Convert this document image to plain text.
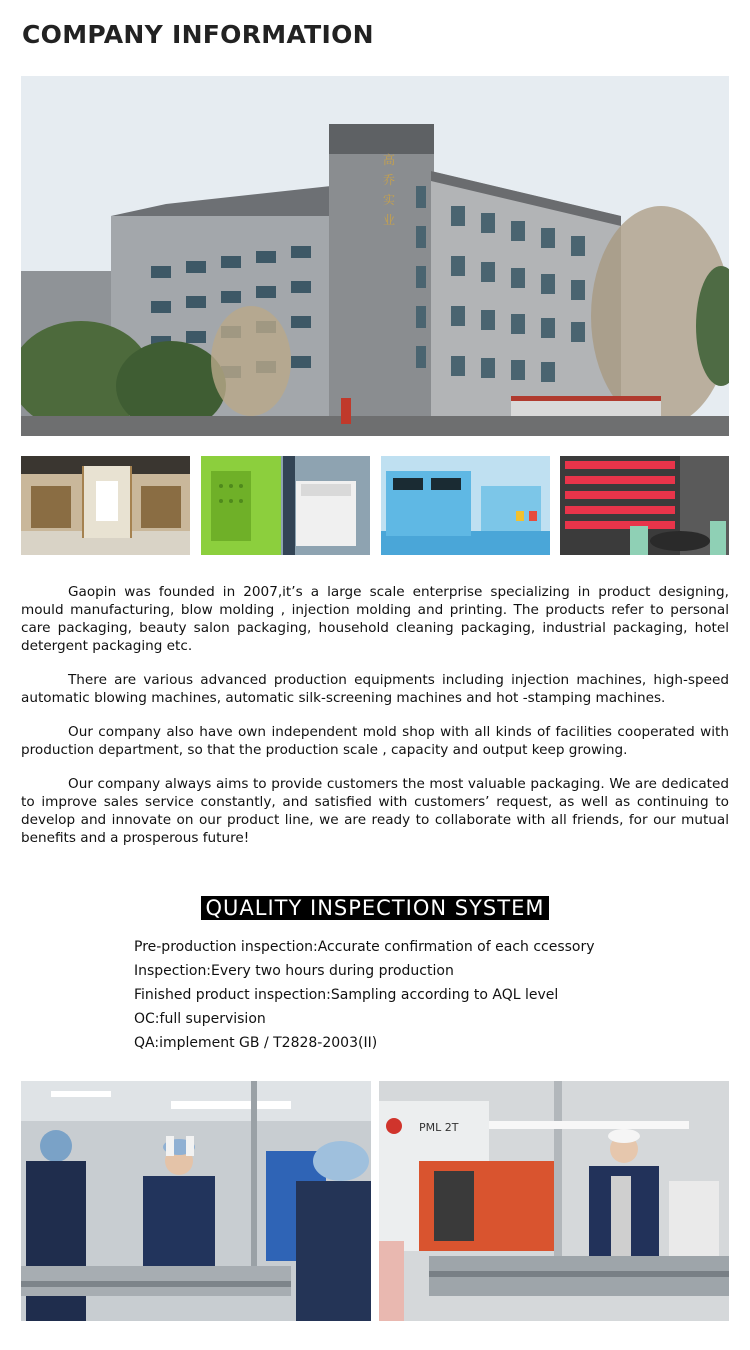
COMPANY INFORMATION
高
乔
实
业

Gaopin was founded in 2007,it’s a large scale enterprise specializing in product designing, mould manufacturing, blow molding , injection molding and printing. The products refer to personal care packaging, beauty salon packaging, household cleaning packaging, industrial packaging, hotel detergent packaging etc.

There are various advanced production equipments including injection machines, high-speed automatic blowing machines, automatic silk-screening machines and hot -stamping machines.

Our company also have own independent mold shop with all kinds of facilities cooperated with production department, so that the production scale , capacity and output keep growing.

Our company always aims to provide customers the most valuable packaging. We are dedicated to improve sales service constantly, and satisfied with customers’ request, as well as continuing to develop and innovate on our product line, we are ready to collaborate with all friends, for our mutual benefits and a prosperous future!

QUALITY INSPECTION SYSTEM
Pre-production inspection:Accurate confirmation of each ccessory
Inspection:Every two hours during production
Finished product inspection:Sampling according to AQL level
OC:full supervision
QA:implement GB / T2828-2003(II)
PML 2T
